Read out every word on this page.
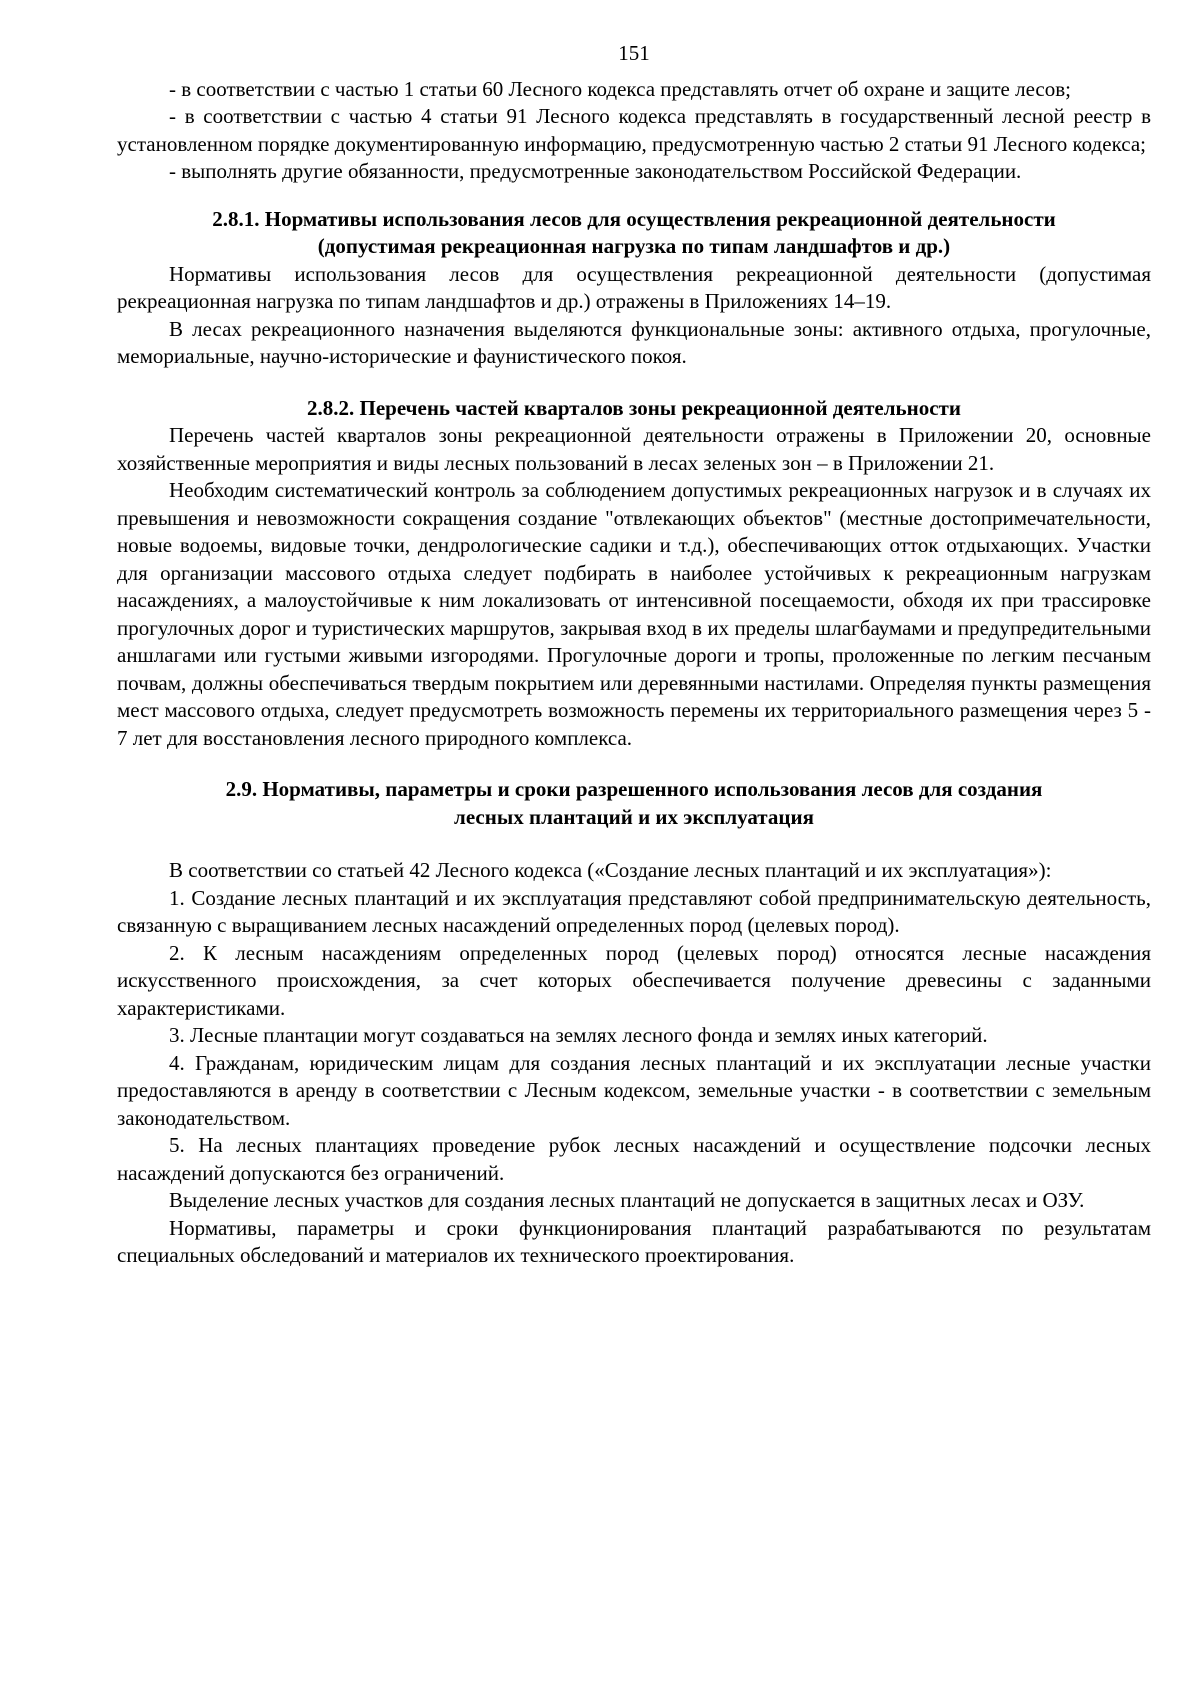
151

- в соответствии с частью 1 статьи 60 Лесного кодекса представлять отчет об охране и защите лесов;

- в соответствии с частью 4 статьи 91 Лесного кодекса представлять в государственный лесной реестр в установленном порядке документированную информацию, предусмотренную частью 2 статьи 91 Лесного кодекса;

- выполнять другие обязанности, предусмотренные законодательством Российской Федерации.

2.8.1. Нормативы использования лесов для осуществления рекреационной деятельности
(допустимая рекреационная нагрузка по типам ландшафтов и др.)

Нормативы использования лесов для осуществления рекреационной деятельности (допустимая рекреационная нагрузка по типам ландшафтов и др.) отражены в Приложениях 14–19.

В лесах рекреационного назначения выделяются функциональные зоны: активного отдыха, прогулочные, мемориальные, научно-исторические и фаунистического покоя.

2.8.2. Перечень частей кварталов зоны рекреационной деятельности

Перечень частей кварталов зоны рекреационной деятельности отражены в Приложении 20, основные хозяйственные мероприятия и виды лесных пользований в лесах зеленых зон – в Приложении 21.

Необходим систематический контроль за соблюдением допустимых рекреационных нагрузок и в случаях их превышения и невозможности сокращения создание "отвлекающих объектов" (местные достопримечательности, новые водоемы, видовые точки, дендрологические садики и т.д.), обеспечивающих отток отдыхающих. Участки для организации массового отдыха следует подбирать в наиболее устойчивых к рекреационным нагрузкам насаждениях, а малоустойчивые к ним локализовать от интенсивной посещаемости, обходя их при трассировке прогулочных дорог и туристических маршрутов, закрывая вход в их пределы шлагбаумами и предупредительными аншлагами или густыми живыми изгородями. Прогулочные дороги и тропы, проложенные по легким песчаным почвам, должны обеспечиваться твердым покрытием или деревянными настилами. Определяя пункты размещения мест массового отдыха, следует предусмотреть возможность перемены их территориального размещения через 5 - 7 лет для восстановления лесного природного комплекса.

2.9. Нормативы, параметры и сроки разрешенного использования лесов для создания
лесных плантаций и их эксплуатация

В соответствии со статьей 42 Лесного кодекса («Создание лесных плантаций и их эксплуатация»):

1. Создание лесных плантаций и их эксплуатация представляют собой предпринимательскую деятельность, связанную с выращиванием лесных насаждений определенных пород (целевых пород).

2. К лесным насаждениям определенных пород (целевых пород) относятся лесные насаждения искусственного происхождения, за счет которых обеспечивается получение древесины с заданными характеристиками.

3. Лесные плантации могут создаваться на землях лесного фонда и землях иных категорий.

4. Гражданам, юридическим лицам для создания лесных плантаций и их эксплуатации лесные участки предоставляются в аренду в соответствии с Лесным кодексом, земельные участки - в соответствии с земельным законодательством.

5. На лесных плантациях проведение рубок лесных насаждений и осуществление подсочки лесных насаждений допускаются без ограничений.

Выделение лесных участков для создания лесных плантаций не допускается в защитных лесах и ОЗУ.

Нормативы, параметры и сроки функционирования плантаций разрабатываются по результатам специальных обследований и материалов их технического проектирования.
